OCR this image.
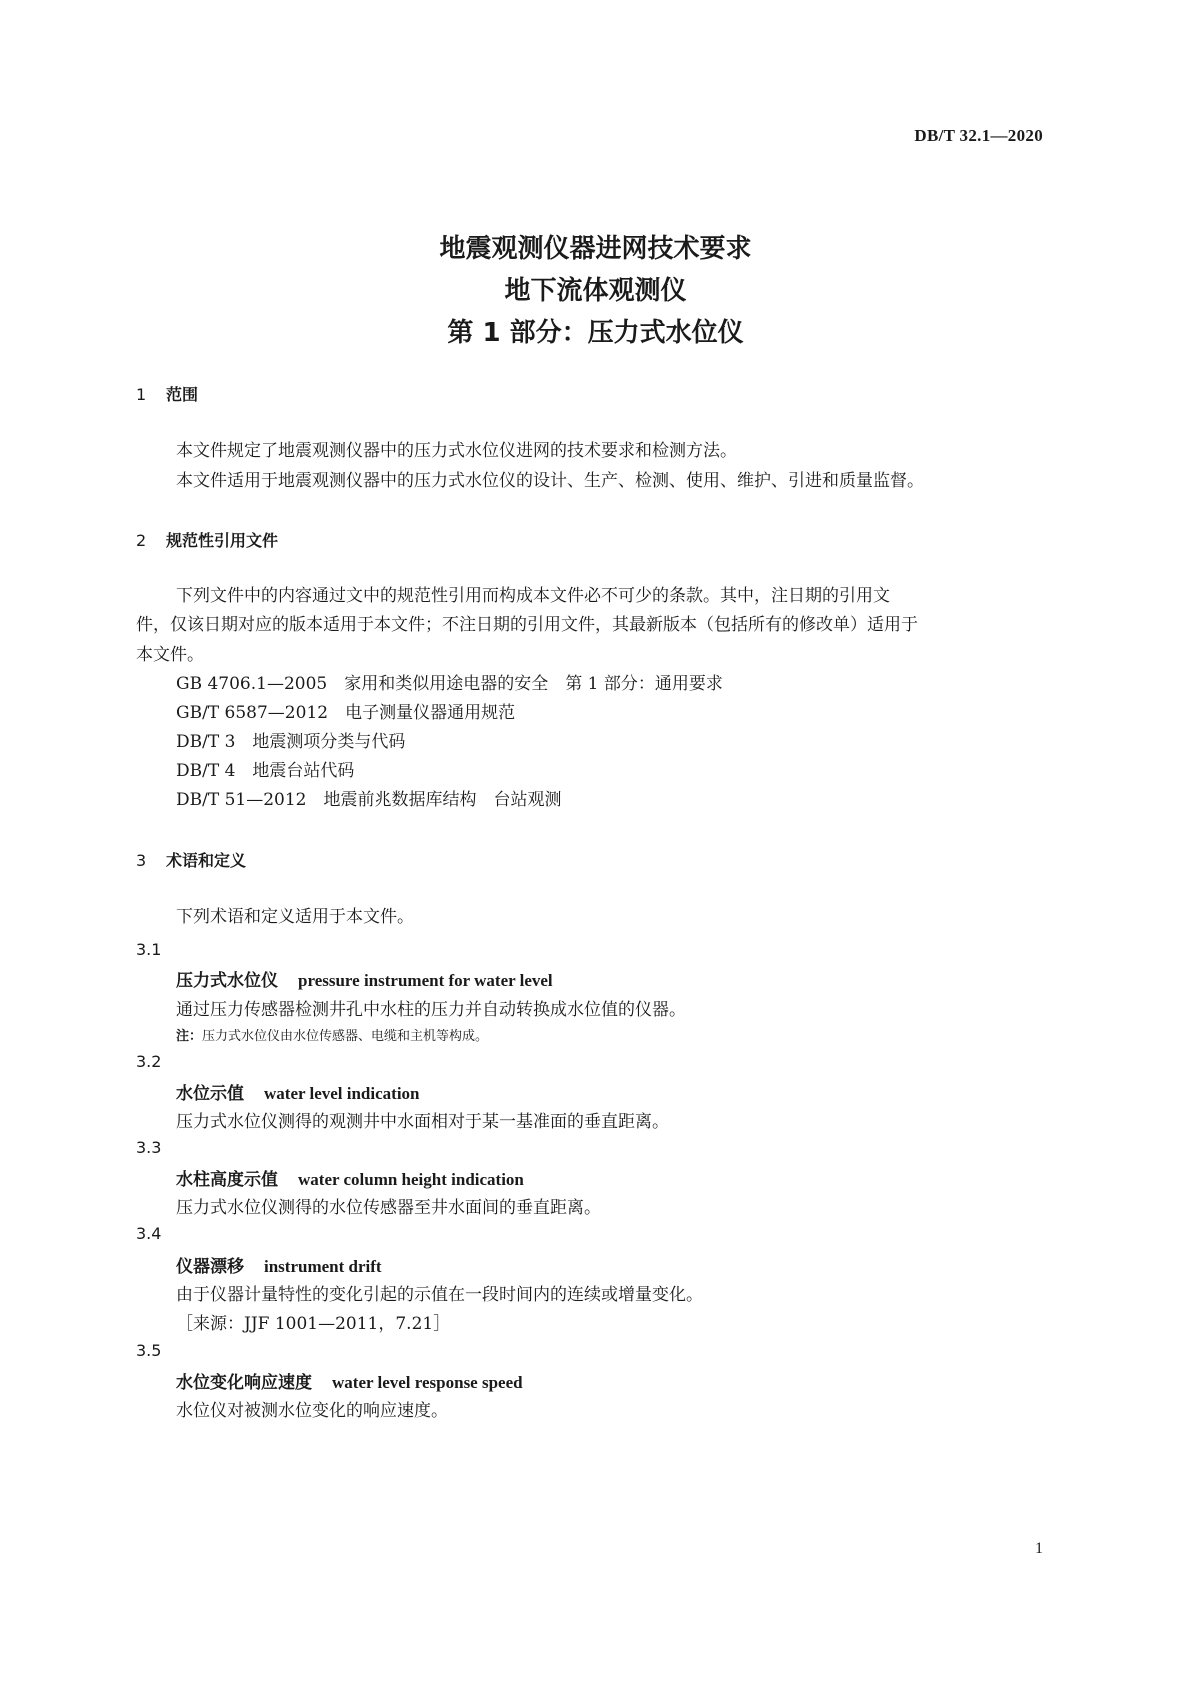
DB/T 32.1—2020
地震观测仪器进网技术要求
地下流体观测仪
第 1 部分：压力式水位仪
1 范围
本文件规定了地震观测仪器中的压力式水位仪进网的技术要求和检测方法。
本文件适用于地震观测仪器中的压力式水位仪的设计、生产、检测、使用、维护、引进和质量监督。
2 规范性引用文件
下列文件中的内容通过文中的规范性引用而构成本文件必不可少的条款。其中，注日期的引用文
件，仅该日期对应的版本适用于本文件；不注日期的引用文件，其最新版本（包括所有的修改单）适用于
本文件。
GB 4706.1—2005　家用和类似用途电器的安全　第 1 部分：通用要求
GB/T 6587—2012　电子测量仪器通用规范
DB/T 3　地震测项分类与代码
DB/T 4　地震台站代码
DB/T 51—2012　地震前兆数据库结构　台站观测
3 术语和定义
下列术语和定义适用于本文件。
3.1
压力式水位仪 pressure instrument for water level
通过压力传感器检测井孔中水柱的压力并自动转换成水位值的仪器。
注：压力式水位仪由水位传感器、电缆和主机等构成。
3.2
水位示值 water level indication
压力式水位仪测得的观测井中水面相对于某一基准面的垂直距离。
3.3
水柱高度示值 water column height indication
压力式水位仪测得的水位传感器至井水面间的垂直距离。
3.4
仪器漂移 instrument drift
由于仪器计量特性的变化引起的示值在一段时间内的连续或增量变化。
［来源：JJF 1001—2011，7.21］
3.5
水位变化响应速度 water level response speed
水位仪对被测水位变化的响应速度。
1
